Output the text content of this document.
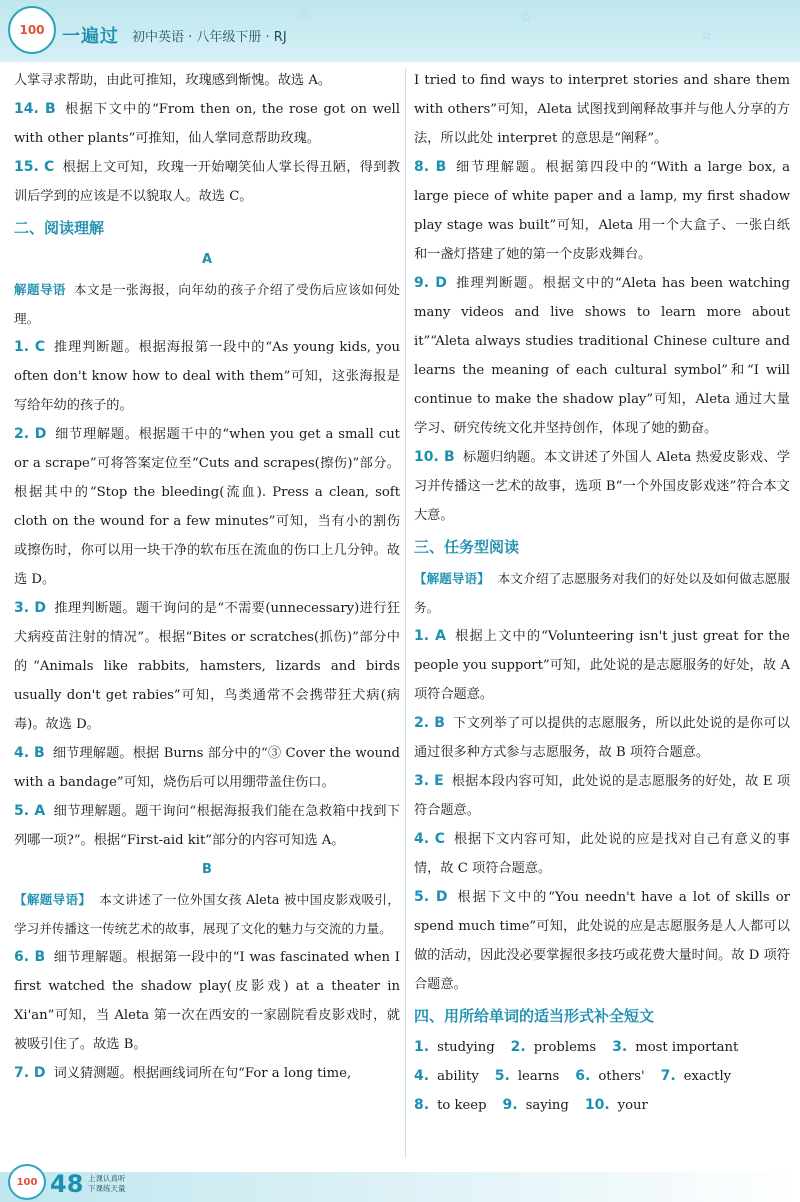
☆	☆
☆
100 一遍过 初中英语 · 八年级下册 · RJ
人掌寻求帮助，由此可推知，玫瑰感到惭愧。故选 A。
14. B 根据下文中的“From then on, the rose got on well with other plants”可推知，仙人掌同意帮助玫瑰。
15. C 根据上文可知，玫瑰一开始嘲笑仙人掌长得丑陋，得到教训后学到的应该是不以貌取人。故选 C。
二、阅读理解
A
解题导语 本文是一张海报，向年幼的孩子介绍了受伤后应该如何处理。
1. C 推理判断题。根据海报第一段中的“As young kids, you often don't know how to deal with them”可知，这张海报是写给年幼的孩子的。
2. D 细节理解题。根据题干中的“when you get a small cut or a scrape”可将答案定位至“Cuts and scrapes(擦伤)”部分。根据其中的“Stop the bleeding(流血). Press a clean, soft cloth on the wound for a few minutes”可知，当有小的割伤或擦伤时，你可以用一块干净的软布压在流血的伤口上几分钟。故选 D。
3. D 推理判断题。题干询问的是“不需要(unnecessary)进行狂犬病疫苗注射的情况”。根据“Bites or scratches(抓伤)”部分中的“Animals like rabbits, hamsters, lizards and birds usually don't get rabies”可知，鸟类通常不会携带狂犬病(病毒)。故选 D。
4. B 细节理解题。根据 Burns 部分中的“③ Cover the wound with a bandage”可知，烧伤后可以用绷带盖住伤口。
5. A 细节理解题。题干询问“根据海报我们能在急救箱中找到下列哪一项?”。根据“First-aid kit”部分的内容可知选 A。
B
【解题导语】 本文讲述了一位外国女孩 Aleta 被中国皮影戏吸引，学习并传播这一传统艺术的故事，展现了文化的魅力与交流的力量。
6. B 细节理解题。根据第一段中的“I was fascinated when I first watched the shadow play(皮影戏) at a theater in Xi'an”可知，当 Aleta 第一次在西安的一家剧院看皮影戏时，就被吸引住了。故选 B。
7. D 词义猜测题。根据画线词所在句“For a long time,
I tried to find ways to interpret stories and share them with others”可知，Aleta 试图找到阐释故事并与他人分享的方法，所以此处 interpret 的意思是“阐释”。
8. B 细节理解题。根据第四段中的“With a large box, a large piece of white paper and a lamp, my first shadow play stage was built”可知，Aleta 用一个大盒子、一张白纸和一盏灯搭建了她的第一个皮影戏舞台。
9. D 推理判断题。根据文中的“Aleta has been watching many videos and live shows to learn more about it”“Aleta always studies traditional Chinese culture and learns the meaning of each cultural symbol”和“I will continue to make the shadow play”可知，Aleta 通过大量学习、研究传统文化并坚持创作，体现了她的勤奋。
10. B 标题归纳题。本文讲述了外国人 Aleta 热爱皮影戏、学习并传播这一艺术的故事，选项 B“一个外国皮影戏迷”符合本文大意。
三、任务型阅读
【解题导语】 本文介绍了志愿服务对我们的好处以及如何做志愿服务。
1. A 根据上文中的“Volunteering isn't just great for the people you support”可知，此处说的是志愿服务的好处，故 A 项符合题意。
2. B 下文列举了可以提供的志愿服务，所以此处说的是你可以通过很多种方式参与志愿服务，故 B 项符合题意。
3. E 根据本段内容可知，此处说的是志愿服务的好处，故 E 项符合题意。
4. C 根据下文内容可知，此处说的应是找对自己有意义的事情，故 C 项符合题意。
5. D 根据下文中的“You needn't have a lot of skills or spend much time”可知，此处说的应是志愿服务是人人都可以做的活动，因此没必要掌握很多技巧或花费大量时间。故 D 项符合题意。
四、用所给单词的适当形式补全短文
1. studying 2. problems 3. most important
4. ability 5. learns 6. others' 7. exactly
8. to keep 9. saying 10. your
100 48 上课认真听
下课练天量
